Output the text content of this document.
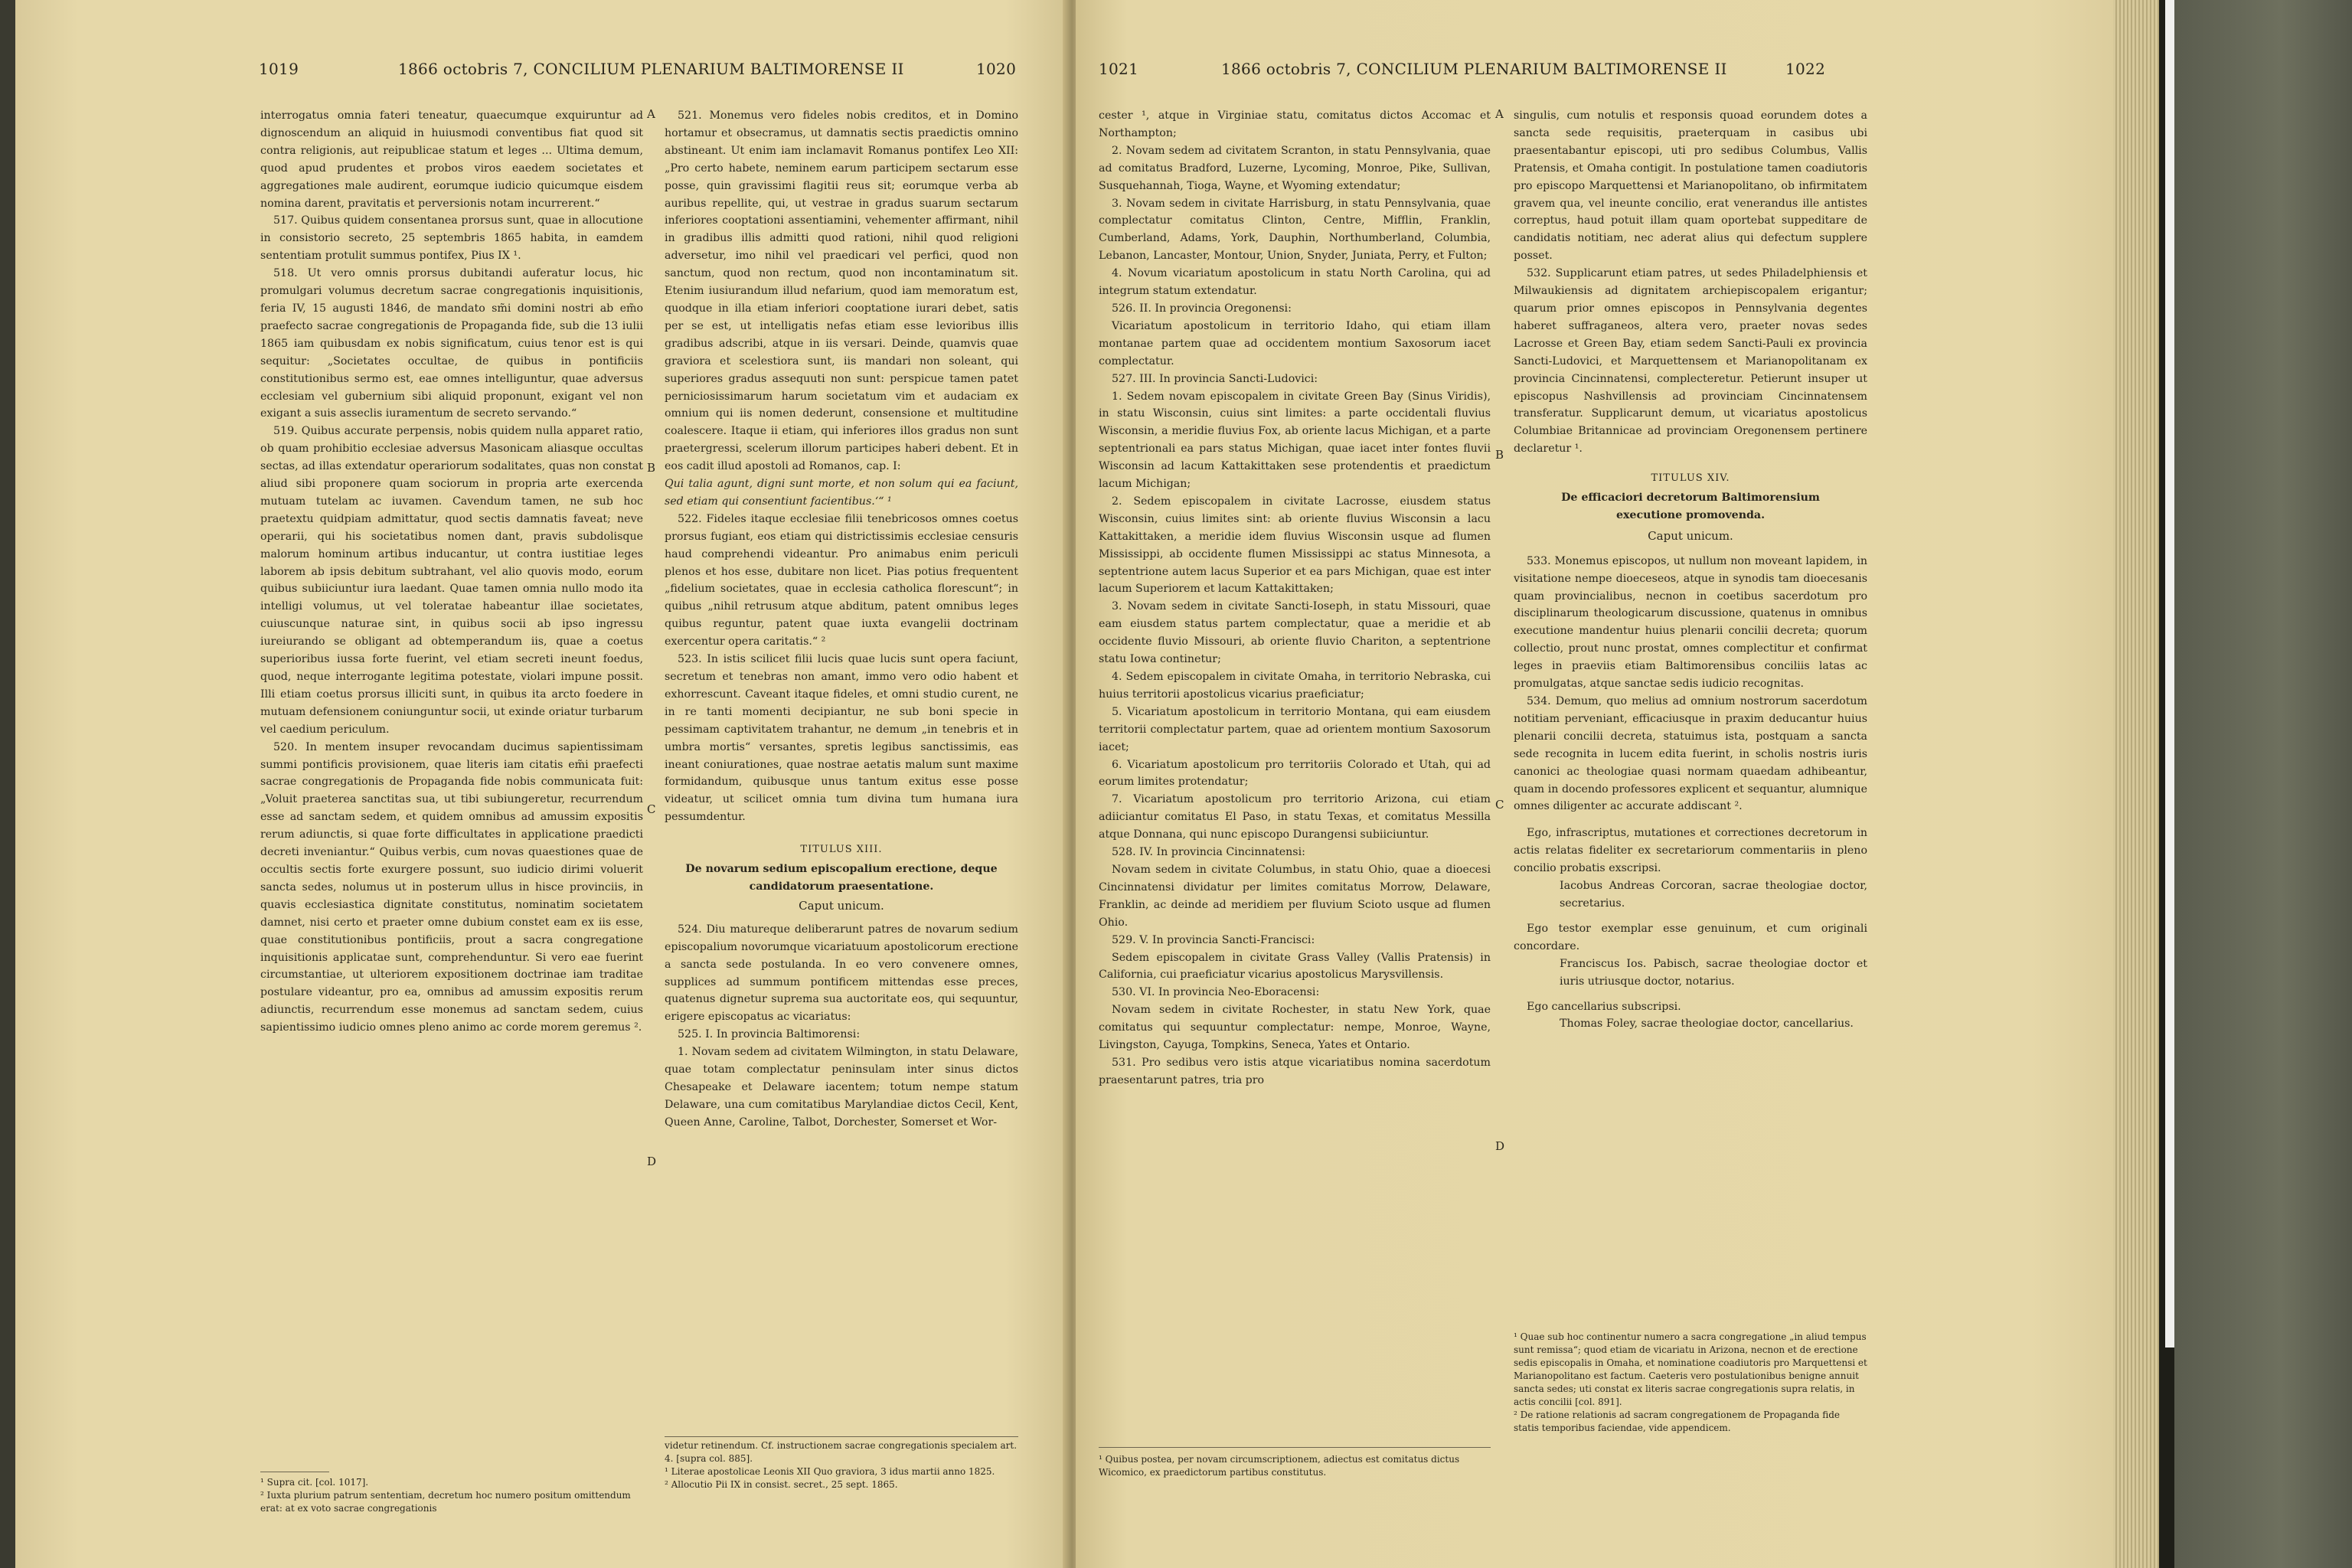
1019	1866 octobris 7, CONCILIUM PLENARIUM BALTIMORENSE II	1020

interrogatus omnia fateri teneatur, quaecumque exquiruntur ad dignoscendum an aliquid in huiusmodi conventibus fiat quod sit contra religionis, aut reipublicae statum et leges ... Ultima demum, quod apud prudentes et probos viros eaedem societates et aggregationes male audirent, eorumque iudicio quicumque eisdem nomina darent, pravitatis et perversionis notam incurrerent.“

517. Quibus quidem consentanea prorsus sunt, quae in allocutione in consistorio secreto, 25 septembris 1865 habita, in eamdem sententiam protulit summus pontifex, Pius IX ¹.

518. Ut vero omnis prorsus dubitandi auferatur locus, hic promulgari volumus decretum sacrae congregationis inquisitionis, feria IV, 15 augusti 1846, de mandato sm̃i domini nostri ab em̃o praefecto sacrae congregationis de Propaganda fide, sub die 13 iulii 1865 iam quibusdam ex nobis significatum, cuius tenor est is qui sequitur: „Societates occultae, de quibus in pontificiis constitutionibus sermo est, eae omnes intelliguntur, quae adversus ecclesiam vel gubernium sibi aliquid proponunt, exigant vel non exigant a suis asseclis iuramentum de secreto servando.“

519. Quibus accurate perpensis, nobis quidem nulla apparet ratio, ob quam prohibitio ecclesiae adversus Masonicam aliasque occultas sectas, ad illas extendatur operariorum sodalitates, quas non constat aliud sibi proponere quam sociorum in propria arte exercenda mutuam tutelam ac iuvamen. Cavendum tamen, ne sub hoc praetextu quidpiam admittatur, quod sectis damnatis faveat; neve operarii, qui his societatibus nomen dant, pravis subdolisque malorum hominum artibus inducantur, ut contra iustitiae leges laborem ab ipsis debitum subtrahant, vel alio quovis modo, eorum quibus subiiciuntur iura laedant. Quae tamen omnia nullo modo ita intelligi volumus, ut vel toleratae habeantur illae societates, cuiuscunque naturae sint, in quibus socii ab ipso ingressu iureiurando se obligant ad obtemperandum iis, quae a coetus superioribus iussa forte fuerint, vel etiam secreti ineunt foedus, quod, neque interrogante legitima potestate, violari impune possit. Illi etiam coetus prorsus illiciti sunt, in quibus ita arcto foedere in mutuam defensionem coniunguntur socii, ut exinde oriatur turbarum vel caedium periculum.

520. In mentem insuper revocandam ducimus sapientissimam summi pontificis provisionem, quae literis iam citatis em̃i praefecti sacrae congregationis de Propaganda fide nobis communicata fuit: „Voluit praeterea sanctitas sua, ut tibi subiungeretur, recurrendum esse ad sanctam sedem, et quidem omnibus ad amussim expositis rerum adiunctis, si quae forte difficultates in applicatione praedicti decreti inveniantur.“ Quibus verbis, cum novas quaestiones quae de occultis sectis forte exurgere possunt, suo iudicio dirimi voluerit sancta sedes, nolumus ut in posterum ullus in hisce provinciis, in quavis ecclesiastica dignitate constitutus, nominatim societatem damnet, nisi certo et praeter omne dubium constet eam ex iis esse, quae constitutionibus pontificiis, prout a sacra congregatione inquisitionis applicatae sunt, comprehenduntur. Si vero eae fuerint circumstantiae, ut ulteriorem expositionem doctrinae iam traditae postulare videantur, pro ea, omnibus ad amussim expositis rerum adiunctis, recurrendum esse monemus ad sanctam sedem, cuius sapientissimo iudicio omnes pleno animo ac corde morem geremus ².

¹ Supra cit. [col. 1017].

² Iuxta plurium patrum sententiam, decretum hoc numero positum omittendum erat: at ex voto sacrae congregationis

A
B
C
D

521. Monemus vero fideles nobis creditos, et in Domino hortamur et obsecramus, ut damnatis sectis praedictis omnino abstineant. Ut enim iam inclamavit Romanus pontifex Leo XII: „Pro certo habete, neminem earum participem sectarum esse posse, quin gravissimi flagitii reus sit; eorumque verba ab auribus repellite, qui, ut vestrae in gradus suarum sectarum inferiores cooptationi assentiamini, vehementer affirmant, nihil in gradibus illis admitti quod rationi, nihil quod religioni adversetur, imo nihil vel praedicari vel perfici, quod non sanctum, quod non rectum, quod non incontaminatum sit. Etenim iusiurandum illud nefarium, quod iam memoratum est, quodque in illa etiam inferiori cooptatione iurari debet, satis per se est, ut intelligatis nefas etiam esse levioribus illis gradibus adscribi, atque in iis versari. Deinde, quamvis quae graviora et scelestiora sunt, iis mandari non soleant, qui superiores gradus assequuti non sunt: perspicue tamen patet perniciosissimarum harum societatum vim et audaciam ex omnium qui iis nomen dederunt, consensione et multitudine coalescere. Itaque ii etiam, qui inferiores illos gradus non sunt praetergressi, scelerum illorum participes haberi debent. Et in eos cadit illud apostoli ad Romanos, cap. I:

Qui talia agunt, digni sunt morte, et non solum qui ea faciunt, sed etiam qui consentiunt facientibus.‘“ ¹

522. Fideles itaque ecclesiae filii tenebricosos omnes coetus prorsus fugiant, eos etiam qui districtissimis ecclesiae censuris haud comprehendi videantur. Pro animabus enim periculi plenos et hos esse, dubitare non licet. Pias potius frequentent „fidelium societates, quae in ecclesia catholica florescunt“; in quibus „nihil retrusum atque abditum, patent omnibus leges quibus reguntur, patent quae iuxta evangelii doctrinam exercentur opera caritatis.“ ²

523. In istis scilicet filii lucis quae lucis sunt opera faciunt, secretum et tenebras non amant, immo vero odio habent et exhorrescunt. Caveant itaque fideles, et omni studio curent, ne in re tanti momenti decipiantur, ne sub boni specie in pessimam captivitatem trahantur, ne demum „in tenebris et in umbra mortis“ versantes, spretis legibus sanctissimis, eas ineant coniurationes, quae nostrae aetatis malum sunt maxime formidandum, quibusque unus tantum exitus esse posse videatur, ut scilicet omnia tum divina tum humana iura pessumdentur.

TITULUS XIII.

De novarum sedium episcopalium erectione, deque candidatorum praesentatione.

Caput unicum.

524. Diu matureque deliberarunt patres de novarum sedium episcopalium novorumque vicariatuum apostolicorum erectione a sancta sede postulanda. In eo vero convenere omnes, supplices ad summum pontificem mittendas esse preces, quatenus dignetur suprema sua auctoritate eos, qui sequuntur, erigere episcopatus ac vicariatus:

525. I. In provincia Baltimorensi:

1. Novam sedem ad civitatem Wilmington, in statu Delaware, quae totam complectatur peninsulam inter sinus dictos Chesapeake et Delaware iacentem; totum nempe statum Delaware, una cum comitatibus Marylandiae dictos Cecil, Kent, Queen Anne, Caroline, Talbot, Dorchester, Somerset et Wor-

videtur retinendum. Cf. instructionem sacrae congregationis specialem art. 4. [supra col. 885].

¹ Literae apostolicae Leonis XII Quo graviora, 3 idus martii anno 1825.

² Allocutio Pii IX in consist. secret., 25 sept. 1865.

1021	1866 octobris 7, CONCILIUM PLENARIUM BALTIMORENSE II	1022

cester ¹, atque in Virginiae statu, comitatus dictos Accomac et Northampton;

2. Novam sedem ad civitatem Scranton, in statu Pennsylvania, quae ad comitatus Bradford, Luzerne, Lycoming, Monroe, Pike, Sullivan, Susquehannah, Tioga, Wayne, et Wyoming extendatur;

3. Novam sedem in civitate Harrisburg, in statu Pennsylvania, quae complectatur comitatus Clinton, Centre, Mifflin, Franklin, Cumberland, Adams, York, Dauphin, Northumberland, Columbia, Lebanon, Lancaster, Montour, Union, Snyder, Juniata, Perry, et Fulton;

4. Novum vicariatum apostolicum in statu North Carolina, qui ad integrum statum extendatur.

526. II. In provincia Oregonensi:

Vicariatum apostolicum in territorio Idaho, qui etiam illam montanae partem quae ad occidentem montium Saxosorum iacet complectatur.

527. III. In provincia Sancti-Ludovici:

1. Sedem novam episcopalem in civitate Green Bay (Sinus Viridis), in statu Wisconsin, cuius sint limites: a parte occidentali fluvius Wisconsin, a meridie fluvius Fox, ab oriente lacus Michigan, et a parte septentrionali ea pars status Michigan, quae iacet inter fontes fluvii Wisconsin ad lacum Kattakittaken sese protendentis et praedictum lacum Michigan;

2. Sedem episcopalem in civitate Lacrosse, eiusdem status Wisconsin, cuius limites sint: ab oriente fluvius Wisconsin a lacu Kattakittaken, a meridie idem fluvius Wisconsin usque ad flumen Mississippi, ab occidente flumen Mississippi ac status Minnesota, a septentrione autem lacus Superior et ea pars Michigan, quae est inter lacum Superiorem et lacum Kattakittaken;

3. Novam sedem in civitate Sancti-Ioseph, in statu Missouri, quae eam eiusdem status partem complectatur, quae a meridie et ab occidente fluvio Missouri, ab oriente fluvio Chariton, a septentrione statu Iowa continetur;

4. Sedem episcopalem in civitate Omaha, in territorio Nebraska, cui huius territorii apostolicus vicarius praeficiatur;

5. Vicariatum apostolicum in territorio Montana, qui eam eiusdem territorii complectatur partem, quae ad orientem montium Saxosorum iacet;

6. Vicariatum apostolicum pro territoriis Colorado et Utah, qui ad eorum limites protendatur;

7. Vicariatum apostolicum pro territorio Arizona, cui etiam adiiciantur comitatus El Paso, in statu Texas, et comitatus Messilla atque Donnana, qui nunc episcopo Durangensi subiiciuntur.

528. IV. In provincia Cincinnatensi:

Novam sedem in civitate Columbus, in statu Ohio, quae a dioecesi Cincinnatensi dividatur per limites comitatus Morrow, Delaware, Franklin, ac deinde ad meridiem per fluvium Scioto usque ad flumen Ohio.

529. V. In provincia Sancti-Francisci:

Sedem episcopalem in civitate Grass Valley (Vallis Pratensis) in California, cui praeficiatur vicarius apostolicus Marysvillensis.

530. VI. In provincia Neo-Eboracensi:

Novam sedem in civitate Rochester, in statu New York, quae comitatus qui sequuntur complectatur: nempe, Monroe, Wayne, Livingston, Cayuga, Tompkins, Seneca, Yates et Ontario.

531. Pro sedibus vero istis atque vicariatibus nomina sacerdotum praesentarunt patres, tria pro

¹ Quibus postea, per novam circumscriptionem, adiectus est comitatus dictus Wicomico, ex praedictorum partibus constitutus.

A
B
C
D

singulis, cum notulis et responsis quoad eorundem dotes a sancta sede requisitis, praeterquam in casibus ubi praesentabantur episcopi, uti pro sedibus Columbus, Vallis Pratensis, et Omaha contigit. In postulatione tamen coadiutoris pro episcopo Marquettensi et Marianopolitano, ob infirmitatem gravem qua, vel ineunte concilio, erat venerandus ille antistes correptus, haud potuit illam quam oportebat suppeditare de candidatis notitiam, nec aderat alius qui defectum supplere posset.

532. Supplicarunt etiam patres, ut sedes Philadelphiensis et Milwaukiensis ad dignitatem archiepiscopalem erigantur; quarum prior omnes episcopos in Pennsylvania degentes haberet suffraganeos, altera vero, praeter novas sedes Lacrosse et Green Bay, etiam sedem Sancti-Pauli ex provincia Sancti-Ludovici, et Marquettensem et Marianopolitanam ex provincia Cincinnatensi, complecteretur. Petierunt insuper ut episcopus Nashvillensis ad provinciam Cincinnatensem transferatur. Supplicarunt demum, ut vicariatus apostolicus Columbiae Britannicae ad provinciam Oregonensem pertinere declaretur ¹.

TITULUS XIV.

De efficaciori decretorum Baltimorensium executione promovenda.

Caput unicum.

533. Monemus episcopos, ut nullum non moveant lapidem, in visitatione nempe dioeceseos, atque in synodis tam dioecesanis quam provincialibus, necnon in coetibus sacerdotum pro disciplinarum theologicarum discussione, quatenus in omnibus executione mandentur huius plenarii concilii decreta; quorum collectio, prout nunc prostat, omnes complectitur et confirmat leges in praeviis etiam Baltimorensibus conciliis latas ac promulgatas, atque sanctae sedis iudicio recognitas.

534. Demum, quo melius ad omnium nostrorum sacerdotum notitiam perveniant, efficaciusque in praxim deducantur huius plenarii concilii decreta, statuimus ista, postquam a sancta sede recognita in lucem edita fuerint, in scholis nostris iuris canonici ac theologiae quasi normam quaedam adhibeantur, quam in docendo professores explicent et sequantur, alumnique omnes diligenter ac accurate addiscant ².

Ego, infrascriptus, mutationes et correctiones decretorum in actis relatas fideliter ex secretariorum commentariis in pleno concilio probatis exscripsi.

Iacobus Andreas Corcoran, sacrae theologiae doctor, secretarius.

Ego testor exemplar esse genuinum, et cum originali concordare.

Franciscus Ios. Pabisch, sacrae theologiae doctor et iuris utriusque doctor, notarius.

Ego cancellarius subscripsi.

Thomas Foley, sacrae theologiae doctor, cancellarius.

¹ Quae sub hoc continentur numero a sacra congregatione „in aliud tempus sunt remissa“; quod etiam de vicariatu in Arizona, necnon et de erectione sedis episcopalis in Omaha, et nominatione coadiutoris pro Marquettensi et Marianopolitano est factum. Caeteris vero postulationibus benigne annuit sancta sedes; uti constat ex literis sacrae congregationis supra relatis, in actis concilii [col. 891].

² De ratione relationis ad sacram congregationem de Propaganda fide statis temporibus faciendae, vide appendicem.
